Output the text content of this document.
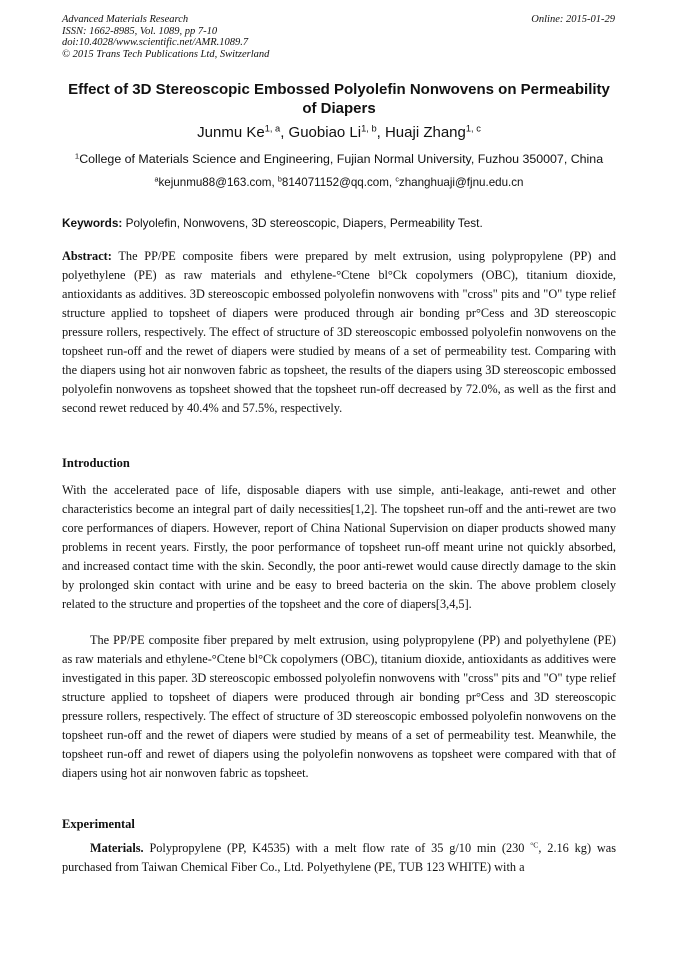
Advanced Materials Research
ISSN: 1662-8985, Vol. 1089, pp 7-10
doi:10.4028/www.scientific.net/AMR.1089.7
© 2015 Trans Tech Publications Ltd, Switzerland
Online: 2015-01-29
Effect of 3D Stereoscopic Embossed Polyolefin Nonwovens on Permeability of Diapers
Junmu Ke$^{1, a}$, Guobiao Li$^{1, b}$, Huaji Zhang$^{1, c}$
$^1$College of Materials Science and Engineering, Fujian Normal University, Fuzhou 350007, China
$^a$kejunmu88@163.com, $^b$814071152@qq.com, $^c$zhanghuaji@fjnu.edu.cn
Keywords: Polyolefin, Nonwovens, 3D stereoscopic, Diapers, Permeability Test.

Abstract: The PP/PE composite fibers were prepared by melt extrusion, using polypropylene (PP) and polyethylene (PE) as raw materials and ethylene-°Ctene bl°Ck copolymers (OBC), titanium dioxide, antioxidants as additives. 3D stereoscopic embossed polyolefin nonwovens with "cross" pits and "O" type relief structure applied to topsheet of diapers were produced through air bonding pr°Cess and 3D stereoscopic pressure rollers, respectively. The effect of structure of 3D stereoscopic embossed polyolefin nonwovens on the topsheet run-off and the rewet of diapers were studied by means of a set of permeability test. Comparing with the diapers using hot air nonwoven fabric as topsheet, the results of the diapers using 3D stereoscopic embossed polyolefin nonwovens as topsheet showed that the topsheet run-off decreased by 72.0%, as well as the first and second rewet reduced by 40.4% and 57.5%, respectively.

Introduction

With the accelerated pace of life, disposable diapers with use simple, anti-leakage, anti-rewet and other characteristics become an integral part of daily necessities[1,2]. The topsheet run-off and the anti-rewet are two core performances of diapers. However, report of China National Supervision on diaper products showed many problems in recent years. Firstly, the poor performance of topsheet run-off meant urine not quickly absorbed, and increased contact time with the skin. Secondly, the poor anti-rewet would cause directly damage to the skin by prolonged skin contact with urine and be easy to breed bacteria on the skin. The above problem closely related to the structure and properties of the topsheet and the core of diapers[3,4,5].

The PP/PE composite fiber prepared by melt extrusion, using polypropylene (PP) and polyethylene (PE) as raw materials and ethylene-°Ctene bl°Ck copolymers (OBC), titanium dioxide, antioxidants as additives were investigated in this paper. 3D stereoscopic embossed polyolefin nonwovens with "cross" pits and "O" type relief structure applied to topsheet of diapers were produced through air bonding pr°Cess and 3D stereoscopic pressure rollers, respectively. The effect of structure of 3D stereoscopic embossed polyolefin nonwovens on the topsheet run-off and the rewet of diapers were studied by means of a set of permeability test. Meanwhile, the topsheet run-off and rewet of diapers using the polyolefin nonwovens as topsheet were compared with that of diapers using hot air nonwoven fabric as topsheet.

Experimental

Materials. Polypropylene (PP, K4535) with a melt flow rate of 35 g/10 min (230 $^{^\circ C}$, 2.16 kg) was purchased from Taiwan Chemical Fiber Co., Ltd. Polyethylene (PE, TUB 123 WHITE) with a
